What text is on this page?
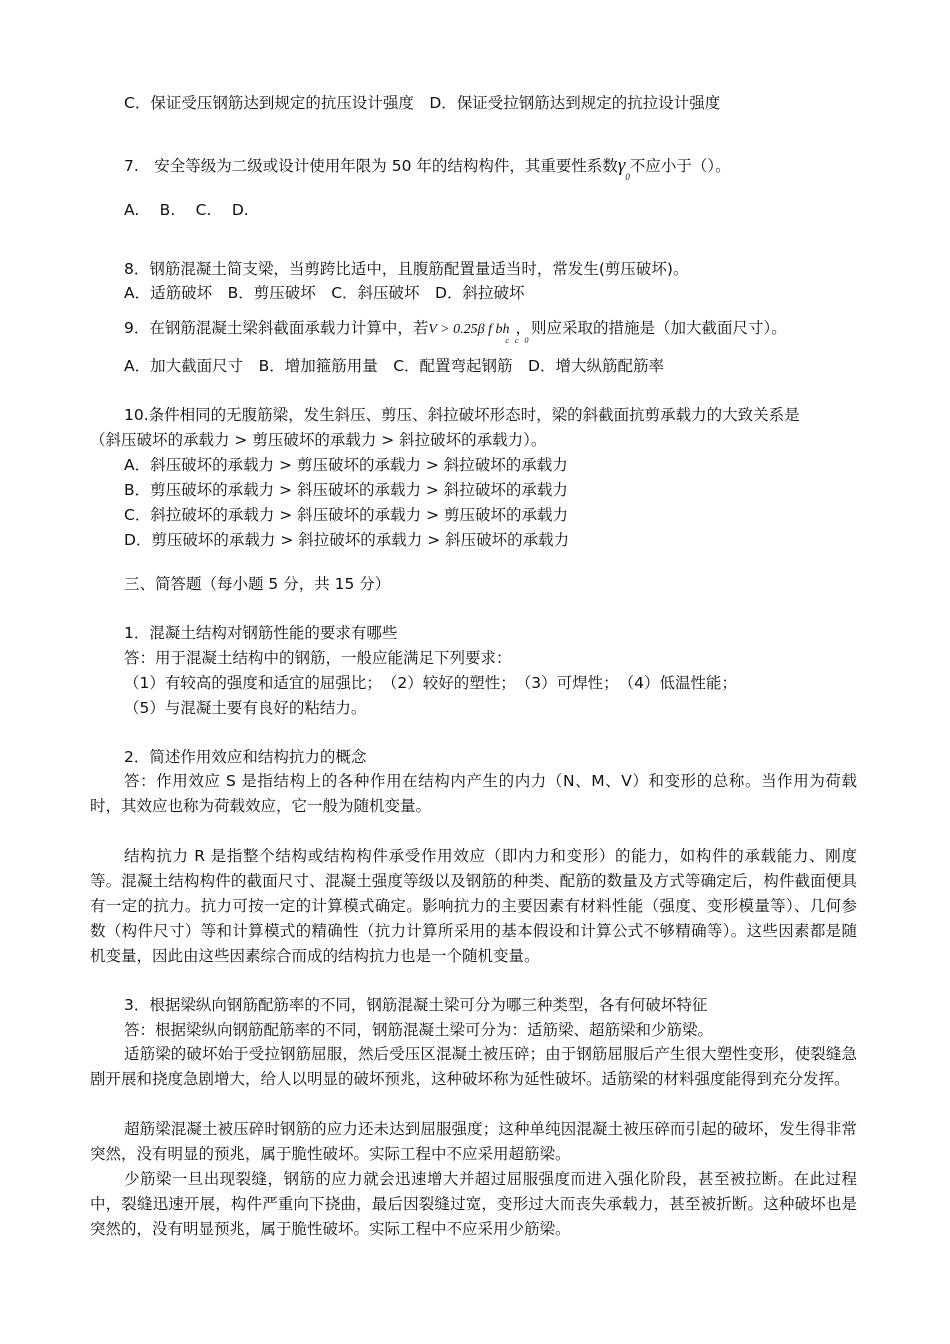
C．保证受压钢筋达到规定的抗压设计强度　D．保证受拉钢筋达到规定的抗拉设计强度

7.　安全等级为二级或设计使用年限为 50 年的结构构件，其重要性系数$\gamma_0$不应小于（）。

A.　 B.　 C.　 D.

8．钢筋混凝土简支梁，当剪跨比适中，且腹筋配置量适当时，常发生(剪压破坏)。

A．适筋破坏　B．剪压破坏　C．斜压破坏　D．斜拉破坏

9．在钢筋混凝土梁斜截面承载力计算中，若V > 0.25β f bh
c   c   0
，则应采取的措施是（加大截面尺寸）。

A．加大截面尺寸　B．增加箍筋用量　C．配置弯起钢筋　D．增大纵筋配筋率

10.条件相同的无腹筋梁，发生斜压、剪压、斜拉破坏形态时，梁的斜截面抗剪承载力的大致关系是

（斜压破坏的承载力 > 剪压破坏的承载力 > 斜拉破坏的承载力）。

A．斜压破坏的承载力 > 剪压破坏的承载力 > 斜拉破坏的承载力

B．剪压破坏的承载力 > 斜压破坏的承载力 > 斜拉破坏的承载力

C．斜拉破坏的承载力 > 斜压破坏的承载力 > 剪压破坏的承载力

D．剪压破坏的承载力 > 斜拉破坏的承载力 > 斜压破坏的承载力

三、简答题（每小题 5 分，共 15 分）

1．混凝土结构对钢筋性能的要求有哪些

答：用于混凝土结构中的钢筋，一般应能满足下列要求：

（1）有较高的强度和适宜的屈强比；　（2）较好的塑性；　（3）可焊性；　（4）低温性能；

（5）与混凝土要有良好的粘结力。

2．简述作用效应和结构抗力的概念

答：作用效应 S 是指结构上的各种作用在结构内产生的内力（N、M、V）和变形的总称。当作用为荷载时，其效应也称为荷载效应，它一般为随机变量。

结构抗力 R 是指整个结构或结构构件承受作用效应（即内力和变形）的能力，如构件的承载能力、刚度等。混凝土结构构件的截面尺寸、混凝土强度等级以及钢筋的种类、配筋的数量及方式等确定后，构件截面便具有一定的抗力。抗力可按一定的计算模式确定。影响抗力的主要因素有材料性能（强度、变形模量等）、几何参数（构件尺寸）等和计算模式的精确性（抗力计算所采用的基本假设和计算公式不够精确等）。这些因素都是随机变量，因此由这些因素综合而成的结构抗力也是一个随机变量。

3．根据梁纵向钢筋配筋率的不同，钢筋混凝土梁可分为哪三种类型，各有何破坏特征

答：根据梁纵向钢筋配筋率的不同，钢筋混凝土梁可分为：适筋梁、超筋梁和少筋梁。

适筋梁的破坏始于受拉钢筋屈服，然后受压区混凝土被压碎；由于钢筋屈服后产生很大塑性变形，使裂缝急剧开展和挠度急剧增大，给人以明显的破坏预兆，这种破坏称为延性破坏。适筋梁的材料强度能得到充分发挥。

超筋梁混凝土被压碎时钢筋的应力还未达到屈服强度；这种单纯因混凝土被压碎而引起的破坏，发生得非常突然，没有明显的预兆，属于脆性破坏。实际工程中不应采用超筋梁。

少筋梁一旦出现裂缝，钢筋的应力就会迅速增大并超过屈服强度而进入强化阶段，甚至被拉断。在此过程中，裂缝迅速开展，构件严重向下挠曲，最后因裂缝过宽，变形过大而丧失承载力，甚至被折断。这种破坏也是突然的，没有明显预兆，属于脆性破坏。实际工程中不应采用少筋梁。
